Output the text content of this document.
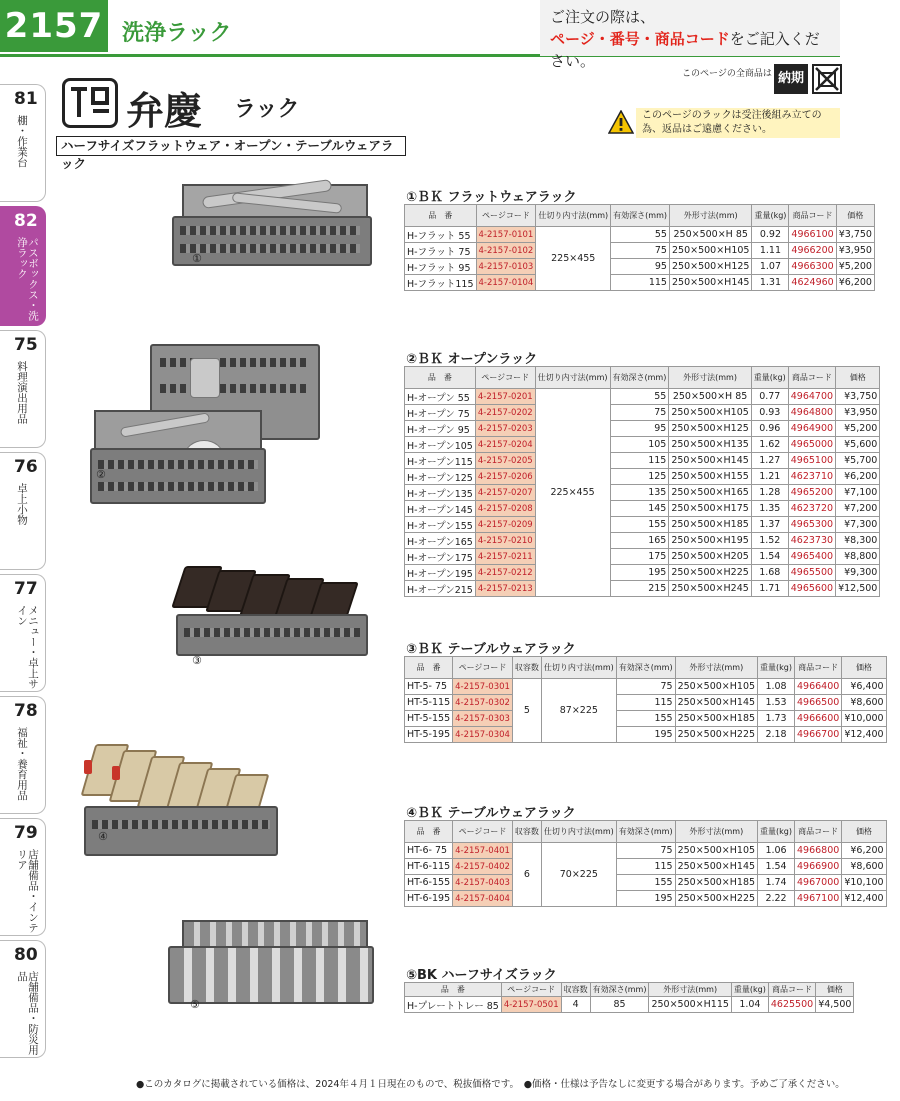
2157 洗浄ラック
ご注文の際は、
ページ・番号・商品コードをご記入ください。
このページの全商品は 納期
このページのラックは受注後組み立ての為、返品はご遠慮ください。
弁慶 ラック
ハーフサイズフラットウェア・オープン・テーブルウェアラック
81
棚・作業台
82
パスボックス・洗浄ラック
75
料理演出用品
76
卓上小物
77
メニュー・卓上サイン
78
福祉・養育用品
79
店舗備品・インテリア
80
店舗備品・防災用品
①
②
③
④
⑤
①ＢＫ フラットウェアラック
品　番	ページコード	仕切り内寸法(mm)	有効深さ(mm)	外形寸法(mm)	重量(kg)	商品コード	価格
H-フラット 55	4-2157-0101	225×455	55	250×500×H 85	0.92	4966100	¥3,750
H-フラット 75	4-2157-0102		75	250×500×H105	1.11	4966200	¥3,950
H-フラット 95	4-2157-0103		95	250×500×H125	1.07	4966300	¥5,200
H-フラット115	4-2157-0104		115	250×500×H145	1.31	4624960	¥6,200
②ＢＫ オープンラック
品　番	ページコード	仕切り内寸法(mm)	有効深さ(mm)	外形寸法(mm)	重量(kg)	商品コード	価格
H-オープン 55	4-2157-0201	225×455	55	250×500×H 85	0.77	4964700	¥3,750
H-オープン 75	4-2157-0202		75	250×500×H105	0.93	4964800	¥3,950
H-オープン 95	4-2157-0203		95	250×500×H125	0.96	4964900	¥5,200
H-オープン105	4-2157-0204		105	250×500×H135	1.62	4965000	¥5,600
H-オープン115	4-2157-0205		115	250×500×H145	1.27	4965100	¥5,700
H-オープン125	4-2157-0206		125	250×500×H155	1.21	4623710	¥6,200
H-オープン135	4-2157-0207		135	250×500×H165	1.28	4965200	¥7,100
H-オープン145	4-2157-0208		145	250×500×H175	1.35	4623720	¥7,200
H-オープン155	4-2157-0209		155	250×500×H185	1.37	4965300	¥7,300
H-オープン165	4-2157-0210		165	250×500×H195	1.52	4623730	¥8,300
H-オープン175	4-2157-0211		175	250×500×H205	1.54	4965400	¥8,800
H-オープン195	4-2157-0212		195	250×500×H225	1.68	4965500	¥9,300
H-オープン215	4-2157-0213		215	250×500×H245	1.71	4965600	¥12,500
③ＢＫ テーブルウェアラック
品　番	ページコード	収容数	仕切り内寸法(mm)	有効深さ(mm)	外形寸法(mm)	重量(kg)	商品コード	価格
HT-5- 75	4-2157-0301	5	87×225	75	250×500×H105	1.08	4966400	¥6,400
HT-5-115	4-2157-0302			115	250×500×H145	1.53	4966500	¥8,600
HT-5-155	4-2157-0303			155	250×500×H185	1.73	4966600	¥10,000
HT-5-195	4-2157-0304			195	250×500×H225	2.18	4966700	¥12,400
④ＢＫ テーブルウェアラック
品　番	ページコード	収容数	仕切り内寸法(mm)	有効深さ(mm)	外形寸法(mm)	重量(kg)	商品コード	価格
HT-6- 75	4-2157-0401	6	70×225	75	250×500×H105	1.06	4966800	¥6,200
HT-6-115	4-2157-0402			115	250×500×H145	1.54	4966900	¥8,600
HT-6-155	4-2157-0403			155	250×500×H185	1.74	4967000	¥10,100
HT-6-195	4-2157-0404			195	250×500×H225	2.22	4967100	¥12,400
⑤BK ハーフサイズラック
品　番	ページコード	収容数	有効深さ(mm)	外形寸法(mm)	重量(kg)	商品コード	価格
H-プレートトレー 85	4-2157-0501	4	85	250×500×H115	1.04	4625500	¥4,500
●このカタログに掲載されている価格は、2024年４月１日現在のもので、税抜価格です。　●価格・仕様は予告なしに変更する場合があります。予めご了承ください。
